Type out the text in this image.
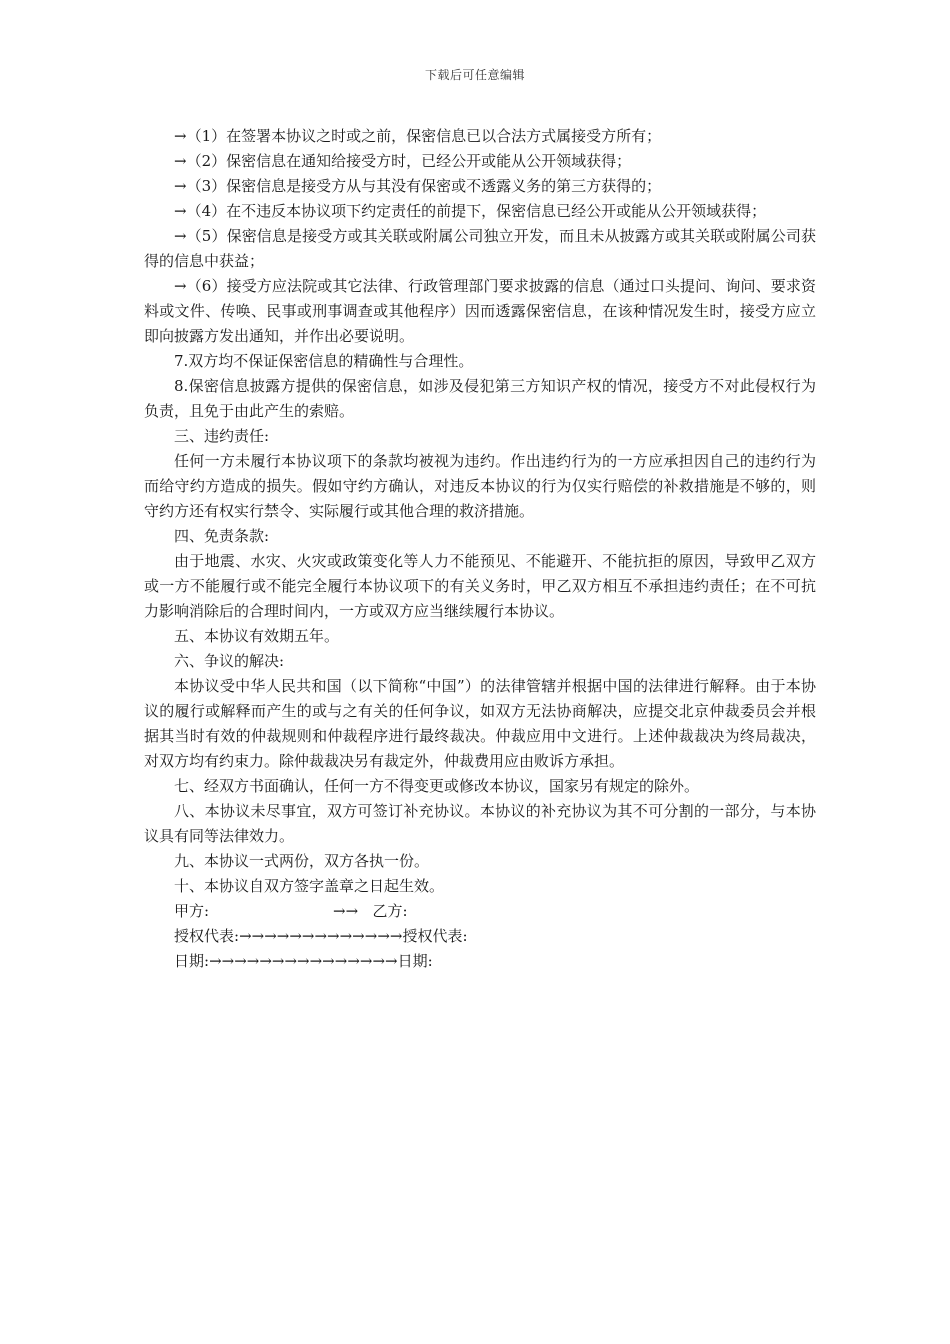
下载后可任意编辑

→（1）在签署本协议之时或之前，保密信息已以合法方式属接受方所有；

→（2）保密信息在通知给接受方时，已经公开或能从公开领域获得；

→（3）保密信息是接受方从与其没有保密或不透露义务的第三方获得的；

→（4）在不违反本协议项下约定责任的前提下，保密信息已经公开或能从公开领域获得；

→（5）保密信息是接受方或其关联或附属公司独立开发，而且未从披露方或其关联或附属公司获得的信息中获益；

→（6）接受方应法院或其它法律、行政管理部门要求披露的信息（通过口头提问、询问、要求资料或文件、传唤、民事或刑事调查或其他程序）因而透露保密信息，在该种情况发生时，接受方应立即向披露方发出通知，并作出必要说明。

7.双方均不保证保密信息的精确性与合理性。

8.保密信息披露方提供的保密信息，如涉及侵犯第三方知识产权的情况，接受方不对此侵权行为负责，且免于由此产生的索赔。

三、违约责任:

任何一方未履行本协议项下的条款均被视为违约。作出违约行为的一方应承担因自己的违约行为而给守约方造成的损失。假如守约方确认，对违反本协议的行为仅实行赔偿的补救措施是不够的，则守约方还有权实行禁令、实际履行或其他合理的救济措施。

四、免责条款:

由于地震、水灾、火灾或政策变化等人力不能预见、不能避开、不能抗拒的原因，导致甲乙双方或一方不能履行或不能完全履行本协议项下的有关义务时，甲乙双方相互不承担违约责任；在不可抗力影响消除后的合理时间内，一方或双方应当继续履行本协议。

五、本协议有效期五年。

六、争议的解决:

本协议受中华人民共和国（以下简称“中国”）的法律管辖并根据中国的法律进行解释。由于本协议的履行或解释而产生的或与之有关的任何争议，如双方无法协商解决，应提交北京仲裁委员会并根据其当时有效的仲裁规则和仲裁程序进行最终裁决。仲裁应用中文进行。上述仲裁裁决为终局裁决，对双方均有约束力。除仲裁裁决另有裁定外，仲裁费用应由败诉方承担。

七、经双方书面确认，任何一方不得变更或修改本协议，国家另有规定的除外。

八、本协议未尽事宜，双方可签订补充协议。本协议的补充协议为其不可分割的一部分，与本协议具有同等法律效力。

九、本协议一式两份，双方各执一份。

十、本协议自双方签字盖章之日起生效。

甲方:                          →→   乙方:

授权代表:→→→→→→→→→→→→→授权代表:

日期:→→→→→→→→→→→→→→→日期:
